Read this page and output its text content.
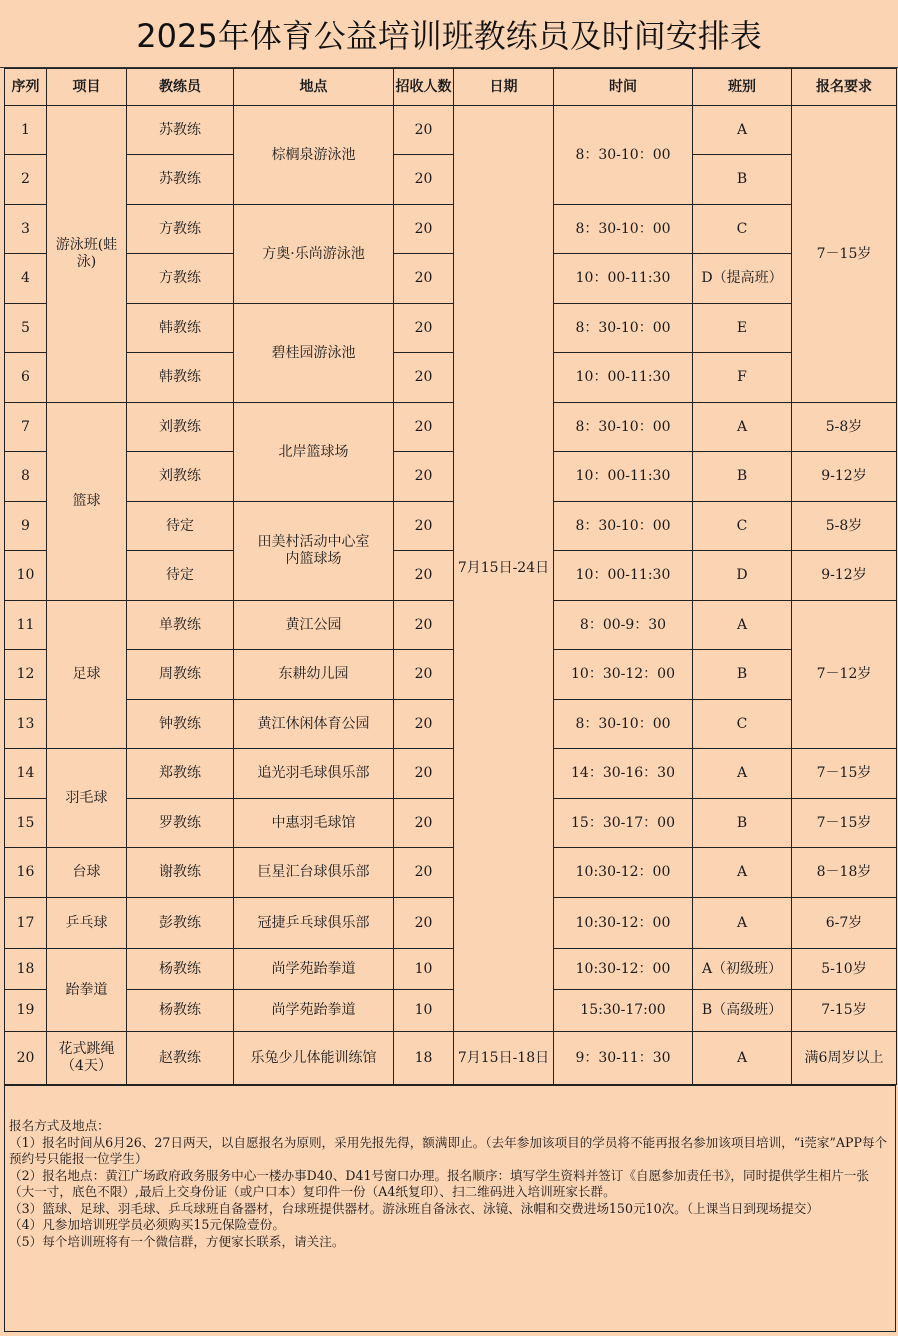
2025年体育公益培训班教练员及时间安排表
序列	项目	教练员	地点	招收人数	日期	时间	班别	报名要求
1	游泳班(蛙泳)	苏教练	棕榈泉游泳池	20	7月15日-24日	8：30-10：00	A	7－15岁
2		苏教练		20			B	
3		方教练	方奥·乐尚游泳池	20		8：30-10：00	C	
4		方教练		20		10：00-11:30	D（提高班）	
5		韩教练	碧桂园游泳池	20		8：30-10：00	E	
6		韩教练		20		10：00-11:30	F	
7	篮球	刘教练	北岸篮球场	20		8：30-10：00	A	5-8岁
8		刘教练		20		10：00-11:30	B	9-12岁
9		待定	田美村活动中心室内篮球场	20		8：30-10：00	C	5-8岁
10		待定		20		10：00-11:30	D	9-12岁
11	足球	单教练	黄江公园	20		8：00-9：30	A	7－12岁
12		周教练	东耕幼儿园	20		10：30-12：00	B	
13		钟教练	黄江休闲体育公园	20		8：30-10：00	C	
14	羽毛球	郑教练	追光羽毛球俱乐部	20		14：30-16：30	A	7－15岁
15		罗教练	中惠羽毛球馆	20		15：30-17：00	B	7－15岁
16	台球	谢教练	巨星汇台球俱乐部	20		10:30-12：00	A	8－18岁
17	乒乓球	彭教练	冠捷乒乓球俱乐部	20		10:30-12：00	A	6-7岁
18	跆拳道	杨教练	尚学苑跆拳道	10		10:30-12：00	A（初级班）	5-10岁
19		杨教练	尚学苑跆拳道	10		15:30-17:00	B（高级班）	7-15岁
20	花式跳绳（4天）	赵教练	乐兔少儿体能训练馆	18	7月15日-18日	9：30-11：30	A	满6周岁以上

报名方式及地点：

（1）报名时间从6月26、27日两天，以自愿报名为原则，采用先报先得，额满即止。（去年参加该项目的学员将不能再报名参加该项目培训，“i莞家”APP每个预约号只能报一位学生）

（2）报名地点：黄江广场政府政务服务中心一楼办事D40、D41号窗口办理。报名顺序：填写学生资料并签订《自愿参加责任书》，同时提供学生相片一张（大一寸，底色不限）,最后上交身份证（或户口本）复印件一份（A4纸复印）、扫二维码进入培训班家长群。

（3）篮球、足球、羽毛球、乒乓球班自备器材，台球班提供器材。游泳班自备泳衣、泳镜、泳帽和交费进场150元10次。（上课当日到现场提交）

（4）凡参加培训班学员必须购买15元保险壹份。

（5）每个培训班将有一个微信群，方便家长联系，请关注。
